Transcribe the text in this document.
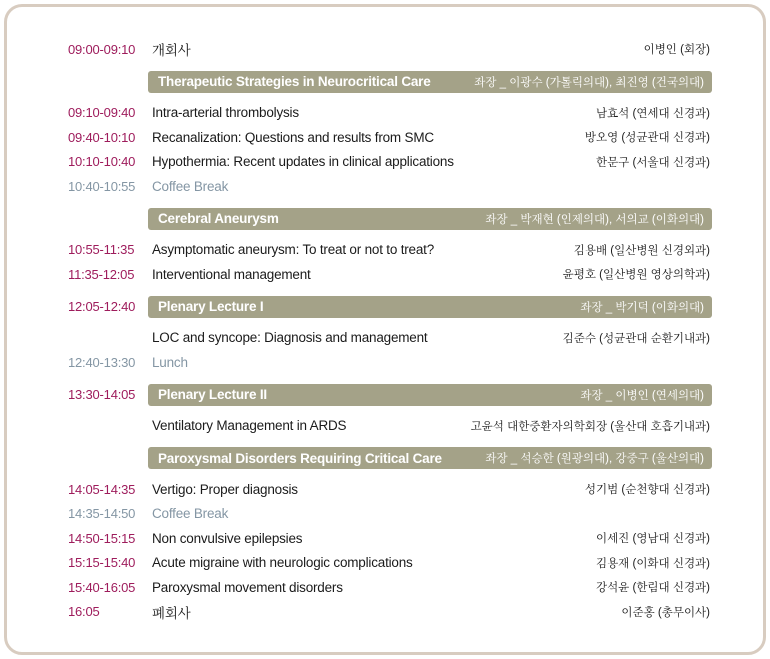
09:00-09:10	개회사	이병인 (회장)
Therapeutic Strategies in Neurocritical Care	좌장 _ 이광수 (가톨릭의대), 최진영 (건국의대)
09:10-09:40	Intra-arterial thrombolysis	남효석 (연세대 신경과)
09:40-10:10	Recanalization: Questions and results from SMC	방오영 (성균관대 신경과)
10:10-10:40	Hypothermia: Recent updates in clinical applications	한문구 (서울대 신경과)
10:40-10:55	Coffee Break
Cerebral Aneurysm	좌장 _ 박재현 (인제의대), 서의교 (이화의대)
10:55-11:35	Asymptomatic aneurysm: To treat or not to treat?	김용배 (일산병원 신경외과)
11:35-12:05	Interventional management	윤평호 (일산병원 영상의학과)
12:05-12:40	Plenary Lecture I	좌장 _ 박기덕 (이화의대)
LOC and syncope: Diagnosis and management	김준수 (성균관대 순환기내과)
12:40-13:30	Lunch
13:30-14:05	Plenary Lecture II	좌장 _ 이병인 (연세의대)
Ventilatory Management in ARDS	고윤석 대한중환자의학회장 (울산대 호흡기내과)
Paroxysmal Disorders Requiring Critical Care	좌장 _ 석승한 (원광의대), 강중구 (울산의대)
14:05-14:35	Vertigo: Proper diagnosis	성기범 (순천향대 신경과)
14:35-14:50	Coffee Break
14:50-15:15	Non convulsive epilepsies	이세진 (영남대 신경과)
15:15-15:40	Acute migraine with neurologic complications	김용재 (이화대 신경과)
15:40-16:05	Paroxysmal movement disorders	강석윤 (한림대 신경과)
16:05	폐회사	이준홍 (총무이사)
